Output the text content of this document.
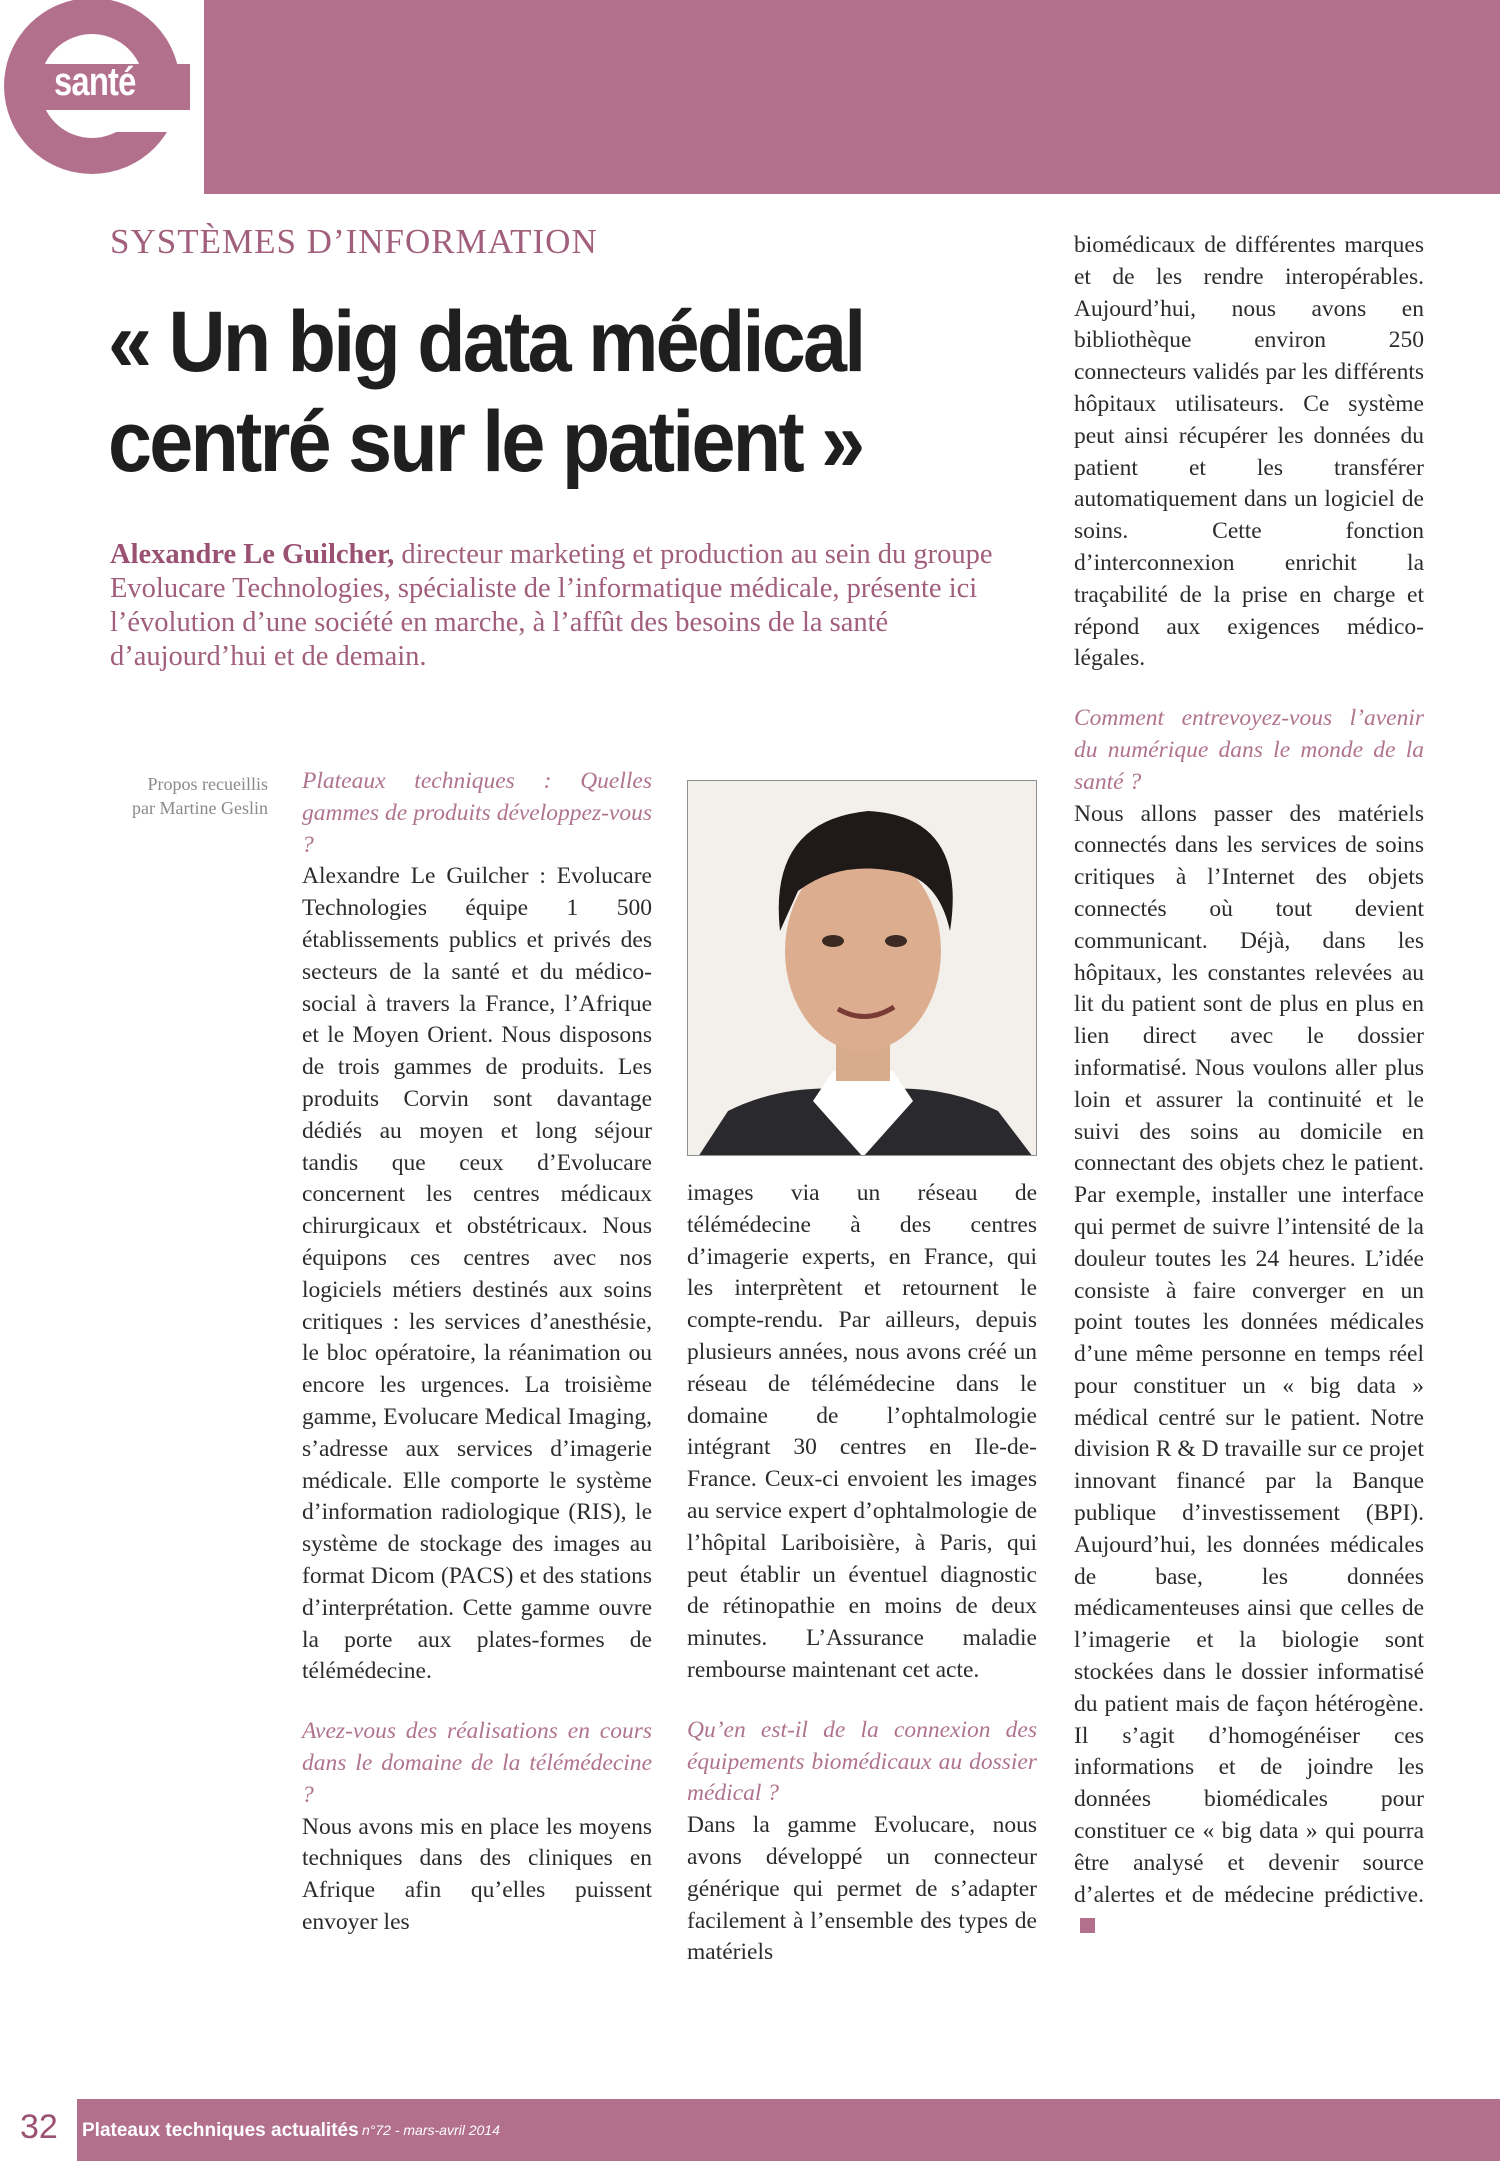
santé
SYSTÈMES D’INFORMATION
« Un big data médical
centré sur le patient »

Alexandre Le Guilcher, directeur marketing et production au sein du groupe Evolucare Technologies, spécialiste de l’informatique médicale, présente ici l’évolution d’une société en marche, à l’affût des besoins de la santé d’aujourd’hui et de demain.

Propos recueillis
par Martine Geslin

Plateaux techniques : Quelles gammes de produits développez-vous ?

Alexandre Le Guilcher : Evolucare Technologies équipe 1 500 établissements publics et privés des secteurs de la santé et du médico-social à travers la France, l’Afrique et le Moyen Orient. Nous disposons de trois gammes de produits. Les produits Corvin sont davantage dédiés au moyen et long séjour tandis que ceux d’Evolucare concernent les centres médicaux chirurgicaux et obstétricaux. Nous équipons ces centres avec nos logiciels métiers destinés aux soins critiques : les services d’anesthésie, le bloc opératoire, la réanimation ou encore les urgences. La troisième gamme, Evolucare Medical Imaging, s’adresse aux services d’imagerie médicale. Elle comporte le système d’information radiologique (RIS), le système de stockage des images au format Dicom (PACS) et des stations d’interprétation. Cette gamme ouvre la porte aux plates-formes de télémédecine.

Avez-vous des réalisations en cours dans le domaine de la télémédecine ?

Nous avons mis en place les moyens techniques dans des cliniques en Afrique afin qu’elles puissent envoyer les

images via un réseau de télémédecine à des centres d’imagerie experts, en France, qui les interprètent et retournent le compte-rendu. Par ailleurs, depuis plusieurs années, nous avons créé un réseau de télémédecine dans le domaine de l’ophtalmologie intégrant 30 centres en Ile-de-France. Ceux-ci envoient les images au service expert d’ophtalmologie de l’hôpital Lariboisière, à Paris, qui peut établir un éventuel diagnostic de rétinopathie en moins de deux minutes. L’Assurance maladie rembourse maintenant cet acte.

Qu’en est-il de la connexion des équipements biomédicaux au dossier médical ?

Dans la gamme Evolucare, nous avons développé un connecteur générique qui permet de s’adapter facilement à l’ensemble des types de matériels

biomédicaux de différentes marques et de les rendre interopérables. Aujourd’hui, nous avons en bibliothèque environ 250 connecteurs validés par les différents hôpitaux utilisateurs. Ce système peut ainsi récupérer les données du patient et les transférer automatiquement dans un logiciel de soins. Cette fonction d’interconnexion enrichit la traçabilité de la prise en charge et répond aux exigences médico-légales.

Comment entrevoyez-vous l’avenir du numérique dans le monde de la santé ?

Nous allons passer des matériels connectés dans les services de soins critiques à l’Internet des objets connectés où tout devient communicant. Déjà, dans les hôpitaux, les constantes relevées au lit du patient sont de plus en plus en lien direct avec le dossier informatisé. Nous voulons aller plus loin et assurer la continuité et le suivi des soins au domicile en connectant des objets chez le patient. Par exemple, installer une interface qui permet de suivre l’intensité de la douleur toutes les 24 heures. L’idée consiste à faire converger en un point toutes les données médicales d’une même personne en temps réel pour constituer un « big data » médical centré sur le patient. Notre division R & D travaille sur ce projet innovant financé par la Banque publique d’investissement (BPI). Aujourd’hui, les données médicales de base, les données médicamenteuses ainsi que celles de l’imagerie et la biologie sont stockées dans le dossier informatisé du patient mais de façon hétérogène. Il s’agit d’homogénéiser ces informations et de joindre les données biomédicales pour constituer ce « big data » qui pourra être analysé et devenir source d’alertes et de médecine prédictive.

32 Plateaux techniques actualités n°72 - mars-avril 2014
